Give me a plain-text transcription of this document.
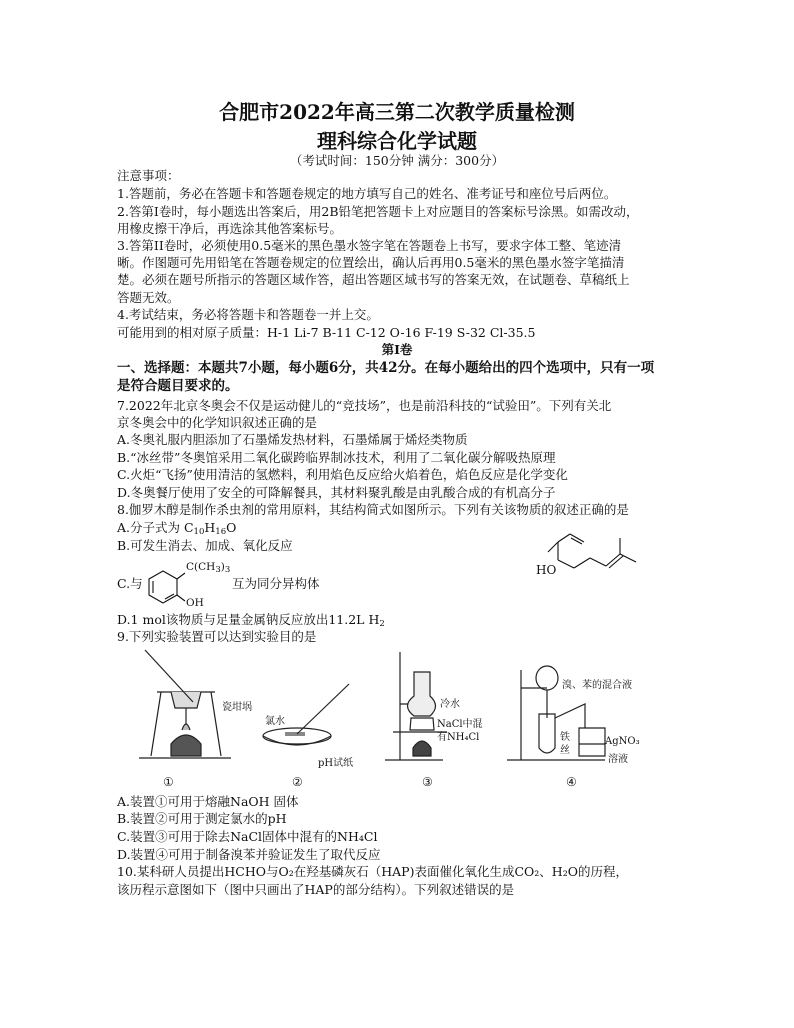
合肥市2022年高三第二次教学质量检测
理科综合化学试题
（考试时间：150分钟 满分：300分）
注意事项：
1.答题前，务必在答题卡和答题卷规定的地方填写自己的姓名、准考证号和座位号后两位。
2.答第I卷时，每小题选出答案后，用2B铅笔把答题卡上对应题目的答案标号涂黑。如需改动，
用橡皮擦干净后，再选涂其他答案标号。
3.答第II卷时，必须使用0.5毫米的黑色墨水签字笔在答题卷上书写，要求字体工整、笔迹清
晰。作图题可先用铅笔在答题卷规定的位置绘出，确认后再用0.5毫米的黑色墨水签字笔描清
楚。必须在题号所指示的答题区域作答，超出答题区域书写的答案无效，在试题卷、草稿纸上
答题无效。
4.考试结束，务必将答题卡和答题卷一并上交。
可能用到的相对原子质量：H-1 Li-7 B-11 C-12 O-16 F-19 S-32 Cl-35.5
第I卷
一、选择题：本题共7小题，每小题6分，共42分。在每小题给出的四个选项中，只有一项
是符合题目要求的。
7.2022年北京冬奥会不仅是运动健儿的“竞技场”，也是前沿科技的“试验田”。下列有关北
京冬奥会中的化学知识叙述正确的是
A.冬奥礼服内胆添加了石墨烯发热材料，石墨烯属于烯烃类物质
B.“冰丝带”冬奥馆采用二氧化碳跨临界制冰技术，利用了二氧化碳分解吸热原理
C.火炬“飞扬”使用清洁的氢燃料，利用焰色反应给火焰着色，焰色反应是化学变化
D.冬奥餐厅使用了安全的可降解餐具，其材料聚乳酸是由乳酸合成的有机高分子
8.伽罗木醇是制作杀虫剂的常用原料，其结构简式如图所示。下列有关该物质的叙述正确的是
A.分子式为 $C_{10}H_{16}O$
B.可发生消去、加成、氧化反应
C.与
$C(CH_3)_3$
OH
互为同分异构体
HO
D.1 mol该物质与足量金属钠反应放出11.2L $H_2$
9.下列实验装置可以达到实验目的是
瓷坩埚
氯水
pH试纸
冷水
NaCl中混
有NH₄Cl
溴、苯的混合液
铁
丝
AgNO₃
溶液
①	②	③	④
A.装置①可用于熔融NaOH 固体
B.装置②可用于测定氯水的pH
C.装置③可用于除去NaCl固体中混有的NH₄Cl
D.装置④可用于制备溴苯并验证发生了取代反应
10.某科研人员提出HCHO与O₂在羟基磷灰石（HAP)表面催化氧化生成CO₂、H₂O的历程，
该历程示意图如下（图中只画出了HAP的部分结构）。下列叙述错误的是
